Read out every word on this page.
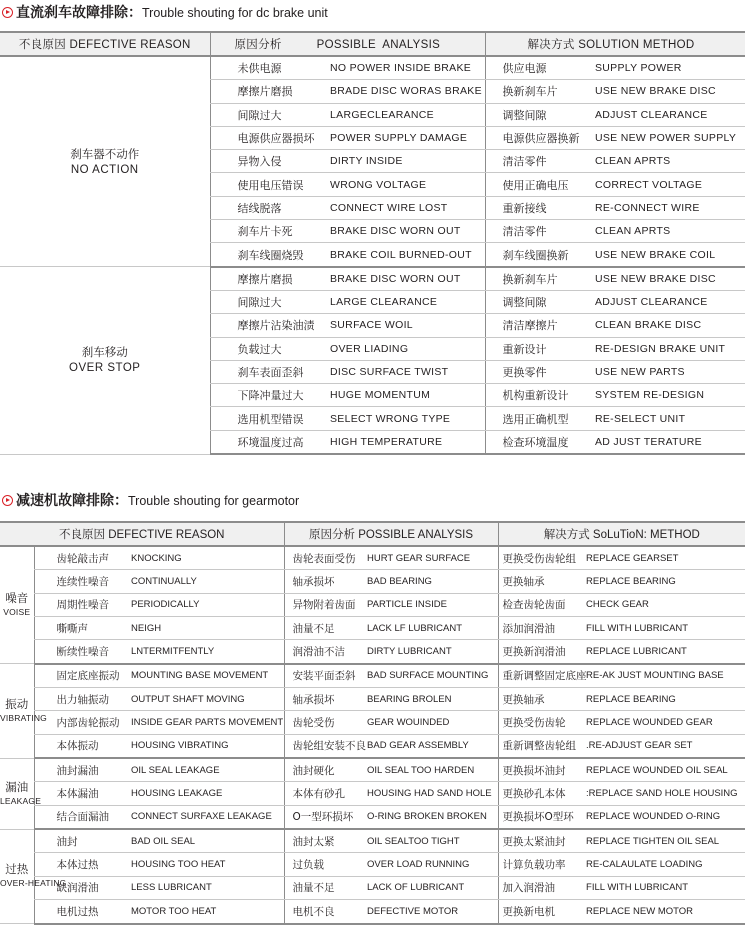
直流刹车故障排除：Trouble shouting for dc brake unit
不良原因 DEFECTIVE REASON	原因分析          POSSIBLE  ANALYSIS		解决方式 SOLUTION METHOD	

刹车器不动作
NO ACTION	未供电源	NO POWER INSIDE BRAKE	供应电源	SUPPLY POWER
	摩擦片磨损	BRADE DISC WORAS BRAKE	换新刹车片	USE NEW BRAKE DISC
	间隙过大	LARGECLEARANCE	调整间隙	ADJUST CLEARANCE
	电源供应器损坏	POWER SUPPLY DAMAGE	电源供应器换新	USE NEW POWER SUPPLY
	异物入侵	DIRTY INSIDE	清洁零件	CLEAN APRTS
	使用电压错误	WRONG VOLTAGE	使用正确电压	CORRECT VOLTAGE
	结线脱落	CONNECT WIRE LOST	重新接线	RE-CONNECT WIRE
	刹车片卡死	BRAKE DISC WORN OUT	清洁零件	CLEAN APRTS
	刹车线圈烧毁	BRAKE COIL BURNED-OUT	刹车线圈换新	USE NEW BRAKE COIL

刹车移动
OVER STOP	摩擦片磨损	BRAKE DISC WORN OUT	换新刹车片	USE NEW BRAKE DISC
	间隙过大	LARGE CLEARANCE	调整间隙	ADJUST CLEARANCE
	摩擦片沾染油渍	SURFACE WOIL	清洁摩擦片	CLEAN BRAKE DISC
	负载过大	OVER LIADING	重新设计	RE-DESIGN BRAKE UNIT
	刹车表面歪斜	DISC SURFACE TWIST	更换零件	USE NEW PARTS
	下降冲量过大	HUGE MOMENTUM	机构重新设计	SYSTEM RE-DESIGN
	选用机型错误	SELECT WRONG TYPE	选用正确机型	RE-SELECT UNIT
	环境温度过高	HIGH TEMPERATURE	检查环境温度	AD JUST TERATURE
减速机故障排除：Trouble shouting for gearmotor
不良原因 DEFECTIVE REASON			原因分析 POSSIBLE ANALYSIS		解决方式 SoLuTioN: METHOD	
噪音
VOISE	齿轮敲击声	KNOCKING	齿轮表面受伤	HURT GEAR SURFACE	更换受伤齿轮组	REPLACE GEARSET
	连续性噪音	CONTINUALLY	轴承损坏	BAD BEARING	更换轴承	REPLACE BEARING
	周期性噪音	PERIODICALLY	异物附着齿面	PARTICLE INSIDE	检查齿轮齿面	CHECK GEAR
	嘶嘶声	NEIGH	油量不足	LACK LF LUBRICANT	添加润滑油	FILL WITH LUBRICANT
	断续性噪音	LNTERMITFENTLY	润滑油不洁	DIRTY LUBRICANT	更换新润滑油	REPLACE LUBRICANT
振动
VIBRATING	固定底座振动	MOUNTING BASE MOVEMENT	安装平面歪斜	BAD SURFACE MOUNTING	重新调整固定底座	RE-AK JUST MOUNTING BASE
	出力轴振动	OUTPUT SHAFT MOVING	轴承损坏	BEARING BROLEN	更换轴承	REPLACE BEARING
	内部齿轮振动	INSIDE GEAR PARTS MOVEMENT	齿轮受伤	GEAR WOUINDED	更换受伤齿轮	REPLACE WOUNDED GEAR
	本体振动	HOUSING VIBRATING	齿轮组安装不良	BAD GEAR ASSEMBLY	重新调整齿轮组	.RE-ADJUST GEAR SET
漏油
LEAKAGE	油封漏油	OIL SEAL LEAKAGE	油封硬化	OIL SEAL TOO HARDEN	更换损坏油封	REPLACE WOUNDED OIL SEAL
	本体漏油	HOUSING LEAKAGE	本体有砂孔	HOUSING HAD SAND HOLE	更换砂孔本体	:REPLACE SAND HOLE HOUSING
	结合面漏油	CONNECT SURFAXE LEAKAGE	O一型环损坏	O-RING BROKEN BROKEN	更换损坏O型环	REPLACE WOUNDED O-RING
过热
OVER-HEATING	油封	BAD OIL SEAL	油封太紧	OIL SEALTOO TIGHT	更换太紧油封	REPLACE TIGHTEN OIL SEAL
	本体过热	HOUSING TOO HEAT	过负载	OVER LOAD RUNNING	计算负载功率	RE-CALAULATE LOADING
	缺润滑油	LESS LUBRICANT	油量不足	LACK OF LUBRICANT	加入润滑油	FILL WITH LUBRICANT
	电机过热	MOTOR TOO HEAT	电机不良	DEFECTIVE MOTOR	更换新电机	REPLACE NEW MOTOR
